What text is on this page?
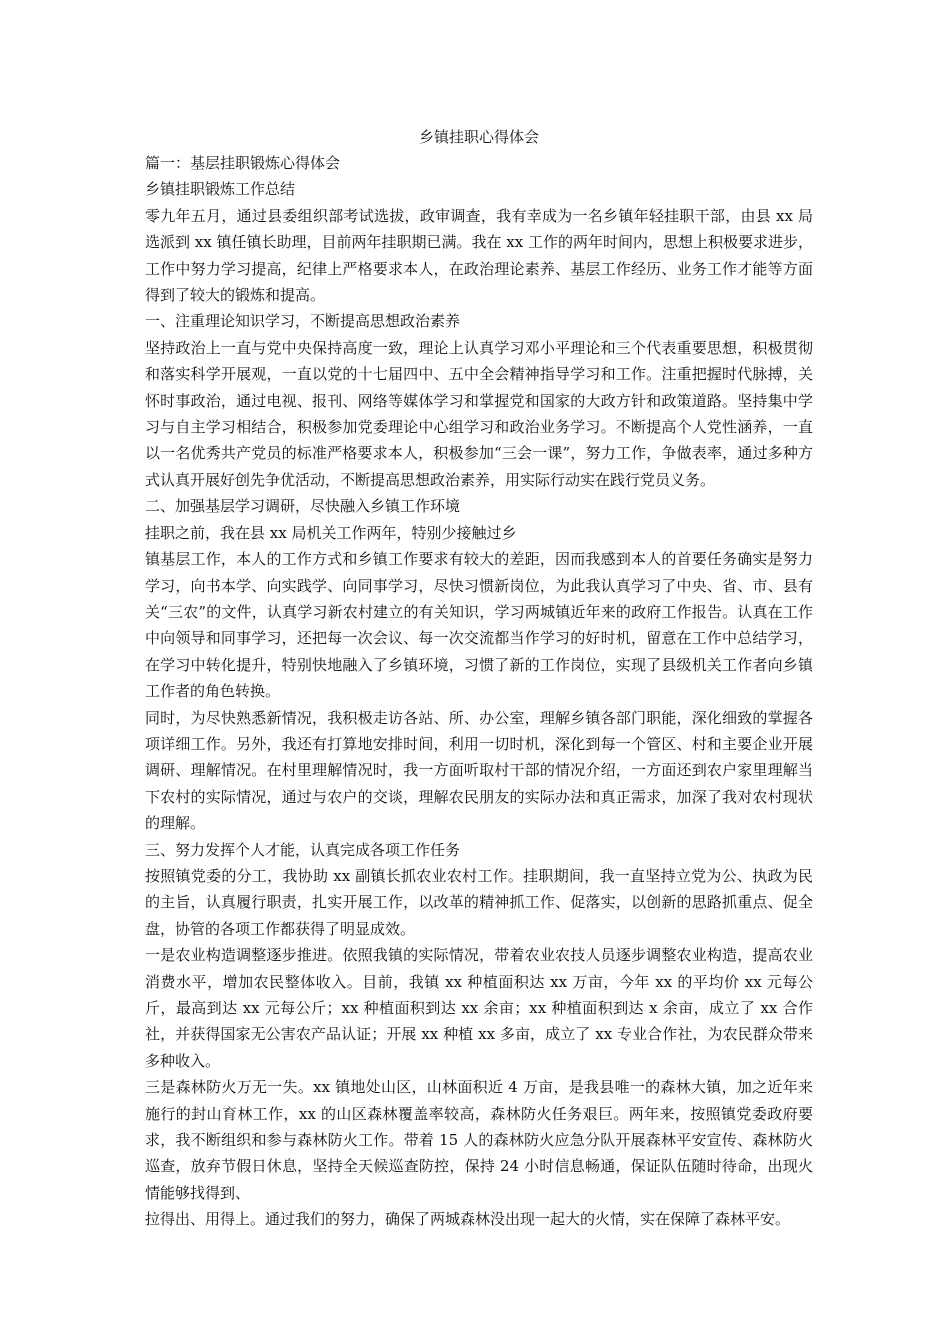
乡镇挂职心得体会

篇一：基层挂职锻炼心得体会

乡镇挂职锻炼工作总结

零九年五月，通过县委组织部考试选拔，政审调查，我有幸成为一名乡镇年轻挂职干部，由县 xx 局选派到 xx 镇任镇长助理，目前两年挂职期已满。我在 xx 工作的两年时间内，思想上积极要求进步，工作中努力学习提高，纪律上严格要求本人，在政治理论素养、基层工作经历、业务工作才能等方面得到了较大的锻炼和提高。

一、注重理论知识学习，不断提高思想政治素养

坚持政治上一直与党中央保持高度一致，理论上认真学习邓小平理论和三个代表重要思想，积极贯彻和落实科学开展观，一直以党的十七届四中、五中全会精神指导学习和工作。注重把握时代脉搏，关怀时事政治，通过电视、报刊、网络等媒体学习和掌握党和国家的大政方针和政策道路。坚持集中学习与自主学习相结合，积极参加党委理论中心组学习和政治业务学习。不断提高个人党性涵养，一直以一名优秀共产党员的标准严格要求本人，积极参加“三会一课”，努力工作，争做表率，通过多种方式认真开展好创先争优活动，不断提高思想政治素养，用实际行动实在践行党员义务。

二、加强基层学习调研，尽快融入乡镇工作环境

挂职之前，我在县 xx 局机关工作两年，特别少接触过乡

镇基层工作，本人的工作方式和乡镇工作要求有较大的差距，因而我感到本人的首要任务确实是努力学习，向书本学、向实践学、向同事学习，尽快习惯新岗位，为此我认真学习了中央、省、市、县有关“三农”的文件，认真学习新农村建立的有关知识，学习两城镇近年来的政府工作报告。认真在工作中向领导和同事学习，还把每一次会议、每一次交流都当作学习的好时机，留意在工作中总结学习，在学习中转化提升，特别快地融入了乡镇环境，习惯了新的工作岗位，实现了县级机关工作者向乡镇工作者的角色转换。

同时，为尽快熟悉新情况，我积极走访各站、所、办公室，理解乡镇各部门职能，深化细致的掌握各项详细工作。另外，我还有打算地安排时间，利用一切时机，深化到每一个管区、村和主要企业开展调研、理解情况。在村里理解情况时，我一方面听取村干部的情况介绍，一方面还到农户家里理解当下农村的实际情况，通过与农户的交谈，理解农民朋友的实际办法和真正需求，加深了我对农村现状的理解。

三、努力发挥个人才能，认真完成各项工作任务

按照镇党委的分工，我协助 xx 副镇长抓农业农村工作。挂职期间，我一直坚持立党为公、执政为民的主旨，认真履行职责，扎实开展工作，以改革的精神抓工作、促落实，以创新的思路抓重点、促全盘，协管的各项工作都获得了明显成效。

一是农业构造调整逐步推进。依照我镇的实际情况，带着农业农技人员逐步调整农业构造，提高农业消费水平，增加农民整体收入。目前，我镇 xx 种植面积达 xx 万亩，今年 xx 的平均价 xx 元每公斤，最高到达 xx 元每公斤；xx 种植面积到达 xx 余亩；xx 种植面积到达 x 余亩，成立了 xx 合作社，并获得国家无公害农产品认证；开展 xx 种植 xx 多亩，成立了 xx 专业合作社，为农民群众带来多种收入。

三是森林防火万无一失。xx 镇地处山区，山林面积近 4 万亩，是我县唯一的森林大镇，加之近年来施行的封山育林工作，xx 的山区森林覆盖率较高，森林防火任务艰巨。两年来，按照镇党委政府要求，我不断组织和参与森林防火工作。带着 15 人的森林防火应急分队开展森林平安宣传、森林防火巡查，放弃节假日休息，坚持全天候巡查防控，保持 24 小时信息畅通，保证队伍随时待命，出现火情能够找得到、

拉得出、用得上。通过我们的努力，确保了两城森林没出现一起大的火情，实在保障了森林平安。
